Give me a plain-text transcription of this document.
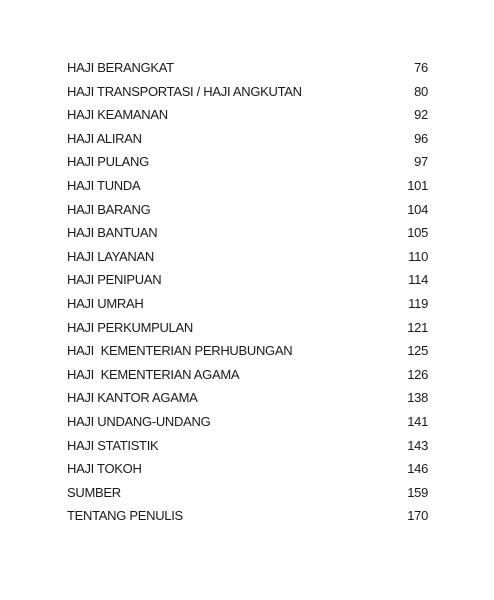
HAJI BERANGKAT	76
HAJI TRANSPORTASI / HAJI ANGKUTAN	80
HAJI KEAMANAN	92
HAJI ALIRAN	96
HAJI PULANG	97
HAJI TUNDA	101
HAJI BARANG	104
HAJI BANTUAN	105
HAJI LAYANAN	110
HAJI PENIPUAN	114
HAJI UMRAH	119
HAJI PERKUMPULAN	121
HAJI  KEMENTERIAN PERHUBUNGAN	125
HAJI  KEMENTERIAN AGAMA	126
HAJI KANTOR AGAMA	138
HAJI UNDANG-UNDANG	141
HAJI STATISTIK	143
HAJI TOKOH	146
SUMBER	159
TENTANG PENULIS	170
